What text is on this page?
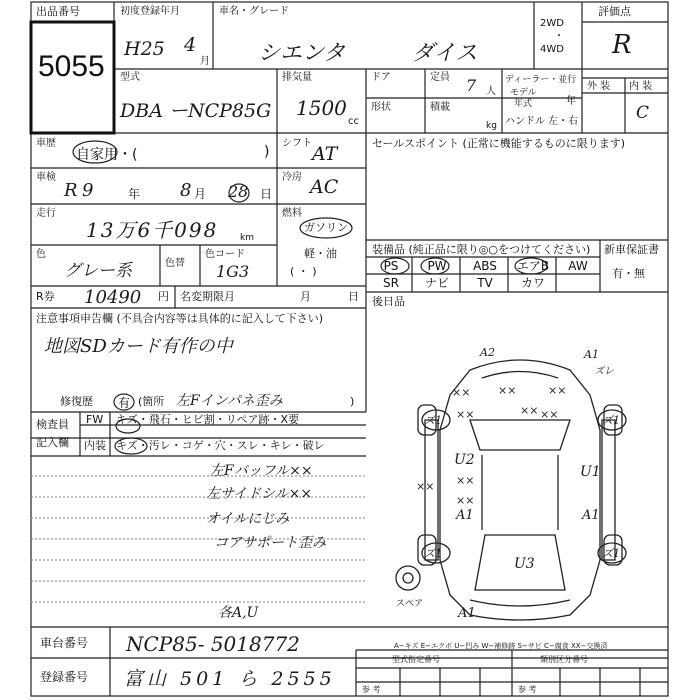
出品番号
5055
初度登録年月
H25 4
月
車名・グレード
シエンタ	ダイス
2WD
・
4WD
評価点
R
型式
DBA ーNCP85G
排気量
1500
cc
ドア	定員 7 人
ディーラー・並行
モデル
年式	年
形状	積載
kg ハンドル 左・右
外 装 内 装
C
車歴
自家用・(	)
シフト AT
車検
R 9	年 8 月 28 日
冷房 AC
走行
13万6千098 km
燃料
ガソリン
軽・油
( ・ )
色
グレー系	色替
色コード
1G3
R券 10490 円 名変期限月	月	日
注意事項申告欄 (不具合内容等は具体的に記入して下さい)
地図SDカード有作の中
修復歴 有 (箇所 左Fインパネ歪み	)
検査員
記入欄
FW キズ・飛石・ヒビ割・リペア跡・X要
内装 キズ・汚レ・コゲ・穴・スレ・キレ・破レ
左Fバッフル××
左サイドシル××
オイルにじみ
コアサポート歪み
各A,U
セールスポイント (正常に機能するものに限ります)
装備品 (純正品に限り◎○をつけてください)
PS	PW	ABS	エアB	AW
SR	ナビ	TV	カワ
新車保証書
有・無
後日品
A2	A1
ズレ
××	××	××
××	×× ××
ズ1	ズ1
U2
××
U1
××
××
A1
A1
ズ1	ズ1
U3
A1
スペア
A−キズ E−エクボ U−凹み W−補修跡 S−サビ C−腐食 XX−交換済
車台番号 NCP85- 5018772
登録番号 富山 501 ら 2555
型式指定番号	類別区分番号
参 考	参 考
